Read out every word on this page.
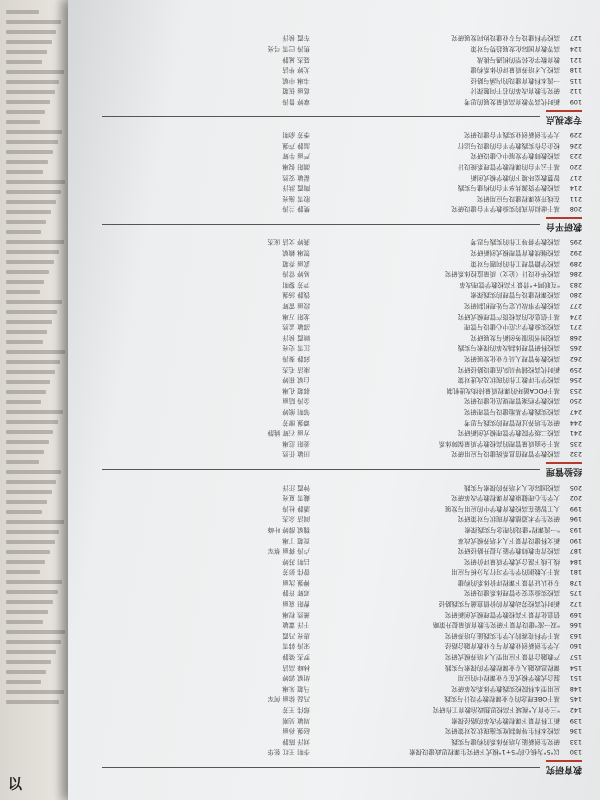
以
教育研究
130
以"5"为核心的"5+1"模式下研究生课程思政建设探索
李明 王红 张华
133
研究生创新能力培养体系的构建与实践
刘洋 陈静
136
高校本科生导师制度实施现状及对策研究
赵强 孙丽
139
新工科背景下课程教学改革的路径探索
周敏 吴刚
142
"三全育人"视域下高校思想政治教育工作研究
郑伟 王芳
145
基于OBE理念的专业课程教学设计与实践
冯磊 徐丽 何军
148
应用型本科院校实践教学体系改革研究
马超 朱琳
151
混合式教学模式在专业课程中的应用
胡斌 郭婷
154
课程思政融入专业课程教学的探索与实践
林峰 高洁
157
产教融合背景下应用型人才培养模式研究
罗杰 梁静
160
大学生创新创业教育与专业教育融合路径
宋涛 韩雪
163
基于学科竞赛的大学生实践能力培养研究
唐亮 冯霞
166
"双一流"建设背景下研究生教育质量提升策略
于洋 董敏
169
信息化背景下高校教学管理模式创新研究
萧然 程琳
172
新时代高校劳动教育的价值意蕴与实践路径
曹阳 袁丽
175
高校实验室安全管理体系建设研究
邓辉 许静
178
专业认证背景下课程评价体系的构建
傅强 沈丽
181
基于大数据的学生学习行为分析与应用
曾伟 彭芳
184
线上线下混合式教学质量评价研究
吕明 苏婷
187
高校青年教师教学能力提升路径研究
卢涛 蒋丽 蔡军
190
新文科建设背景下人才培养模式改革
贾超 丁琳
193
"一流课程"建设的理念与实践探索
魏斌 薛婷 叶峰
196
研究生学术道德教育现状与对策研究
阎洁 余杰
199
人工智能在高校教育教学中的应用与发展
潘静 杜涛
202
大学生心理健康教育课程教学改革研究
戴雪 夏亮
205
高校国际化人才培养的探索与实践
钟霞 汪洋
经验管理
232
高校教学管理信息系统建设与应用研究
田敏 任然
235
基于全面质量管理的高校教学质量保障体系
姜阳 范琳
241
高校二级学院教学管理模式创新研究
方丽 石辉 姚静
244
研究生培养过程管理的实践与思考
谭强 廖芳
247
高校实践教学基地建设与管理研究
邹明 熊婷
250
高校教学档案管理规范化建设研究
金涛 陆丽
253
基于PDCA循环的课程质量持续改进机制
郝超 孔琳
256
高校学生评教工作的现状及改进对策
白斌 崔婷
259
新时代高校辅导员队伍建设路径研究
康洁 毛杰
262
高校教务管理人员专业化发展研究
邱静 秦涛
265
高校科研管理体制改革的探索与实践
江雪 史亮
268
高校图书馆服务创新与发展研究
顾霞 侯洋
271
高校实验教学示范中心建设与管理
邵敏 孟然
274
基于信息化的高校资产管理模式研究
龙阳 万琳
277
高校教学事故认定与处理机制研究
段丽 雷辉
280
高校课程建设与管理的实践探索
钱静 汤强
283
"互联网+"背景下高校教学管理改革
尹芳 黎明
286
高校毕业设计（论文）质量监控体系研究
易婷 常涛
289
高校学籍管理工作的问题与对策
武丽 乔超
292
高校继续教育管理模式创新研究
贺琳 赖斌
295
高校教学督导工作的实践与思考
龚婷 文洁 庞杰
教研平台
208
基于虚拟仿真的实验教学平台建设研究
樊静 兰涛
211
在线开放课程建设与应用研究
殷雪 施亮
214
高校教学资源共享平台的构建与实践
陶霞 洪洋
217
智慧教室环境下的教学模式创新
翟敏 安然
220
基于云平台的课程教学管理系统设计
颜阳 倪琳
223
高校教师教学发展中心建设研究
严丽 牛辉
226
校企合作实践教学平台的建设与运行
温静 芦强
229
大学生创新创业实践平台建设研究
季芳 俞明
专家视点
109
新时代高等教育高质量发展的思考
章婷 鲁涛
112
研究生教育改革的若干问题探讨
葛丽 伍超
115
一流本科教育建设的内涵与路径
韦琳 申斌
118
高校人才培养质量评价体系构建
尤婷 毕洁
121
教育数字化转型的机遇与挑战
聂杰 晁静
124
高等教育国际化发展趋势与对策
焦涛 巴雪 弓亮
127
高校学科建设与专业建设协同发展研究
车霞 侯洋
